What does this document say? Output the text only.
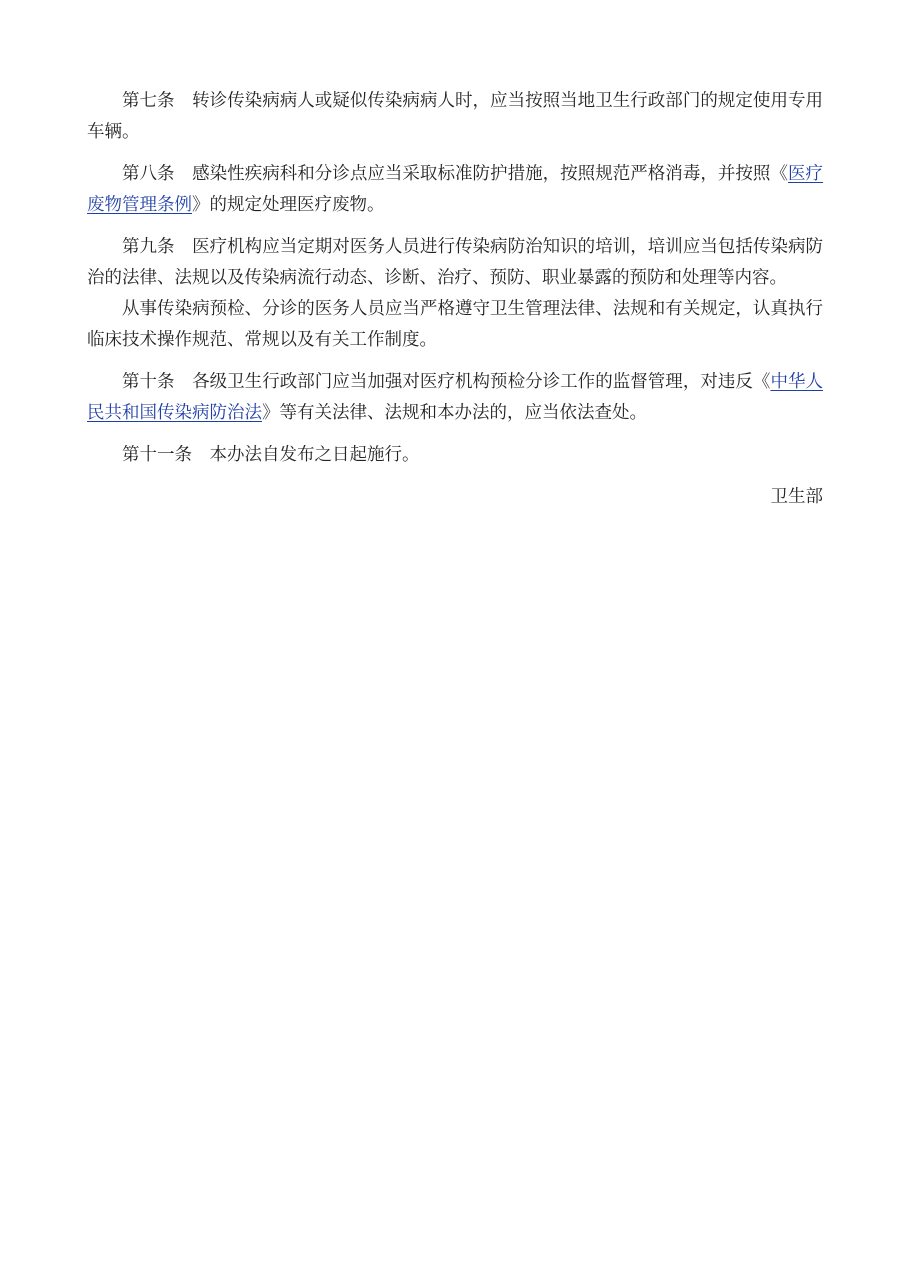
第七条 转诊传染病病人或疑似传染病病人时，应当按照当地卫生行政部门的规定使用专用车辆。

第八条 感染性疾病科和分诊点应当采取标准防护措施，按照规范严格消毒，并按照《医疗废物管理条例》的规定处理医疗废物。

第九条 医疗机构应当定期对医务人员进行传染病防治知识的培训，培训应当包括传染病防治的法律、法规以及传染病流行动态、诊断、治疗、预防、职业暴露的预防和处理等内容。

从事传染病预检、分诊的医务人员应当严格遵守卫生管理法律、法规和有关规定，认真执行临床技术操作规范、常规以及有关工作制度。

第十条 各级卫生行政部门应当加强对医疗机构预检分诊工作的监督管理，对违反《中华人民共和国传染病防治法》等有关法律、法规和本办法的，应当依法查处。

第十一条 本办法自发布之日起施行。

卫生部
